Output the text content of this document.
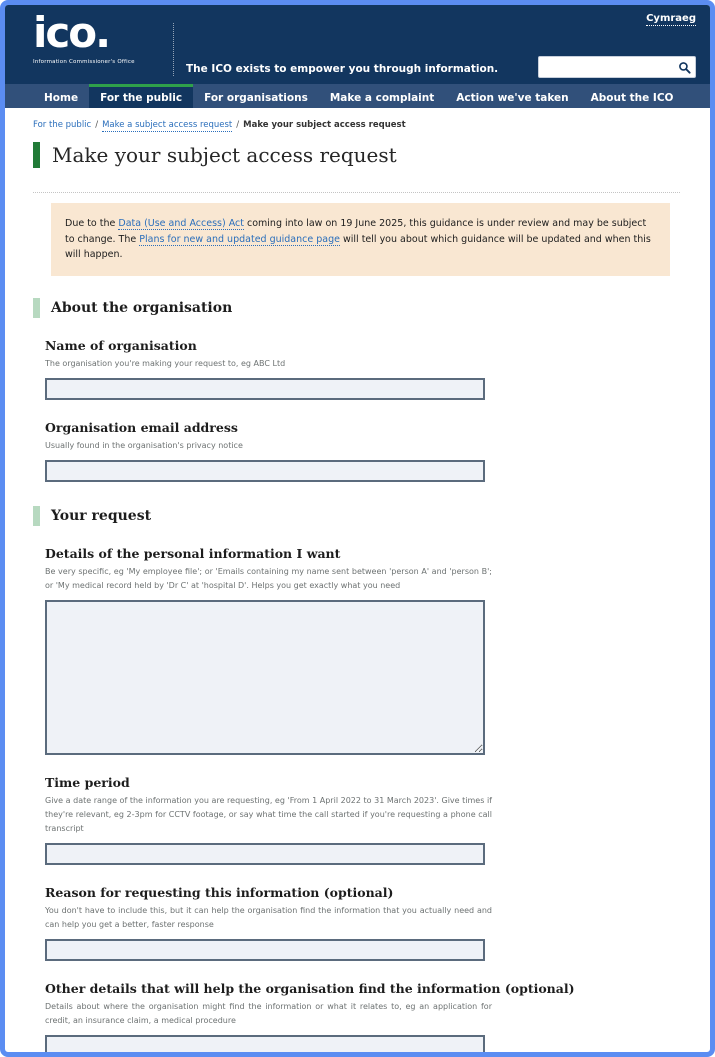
ico.
Information Commissioner's Office
The ICO exists to empower you through information.
Cymraeg
Home	For the public	For organisations	Make a complaint	Action we've taken	About the ICO
For the public / Make a subject access request / Make your subject access request
Make your subject access request
Due to the Data (Use and Access) Act coming into law on 19 June 2025, this guidance is under review and may be subject to change. The Plans for new and updated guidance page will tell you about which guidance will be updated and when this will happen.
About the organisation
Name of organisation
The organisation you're making your request to, eg ABC Ltd
Organisation email address
Usually found in the organisation's privacy notice
Your request
Details of the personal information I want
Be very specific, eg 'My employee file'; or 'Emails containing my name sent between 'person A' and 'person B'; or 'My medical record held by 'Dr C' at 'hospital D'. Helps you get exactly what you need
Time period
Give a date range of the information you are requesting, eg 'From 1 April 2022 to 31 March 2023'. Give times if they're relevant, eg 2-3pm for CCTV footage, or say what time the call started if you're requesting a phone call transcript
Reason for requesting this information (optional)
You don't have to include this, but it can help the organisation find the information that you actually need and can help you get a better, faster response
Other details that will help the organisation find the information (optional)
Details about where the organisation might find the information or what it relates to, eg an application for credit, an insurance claim, a medical procedure
